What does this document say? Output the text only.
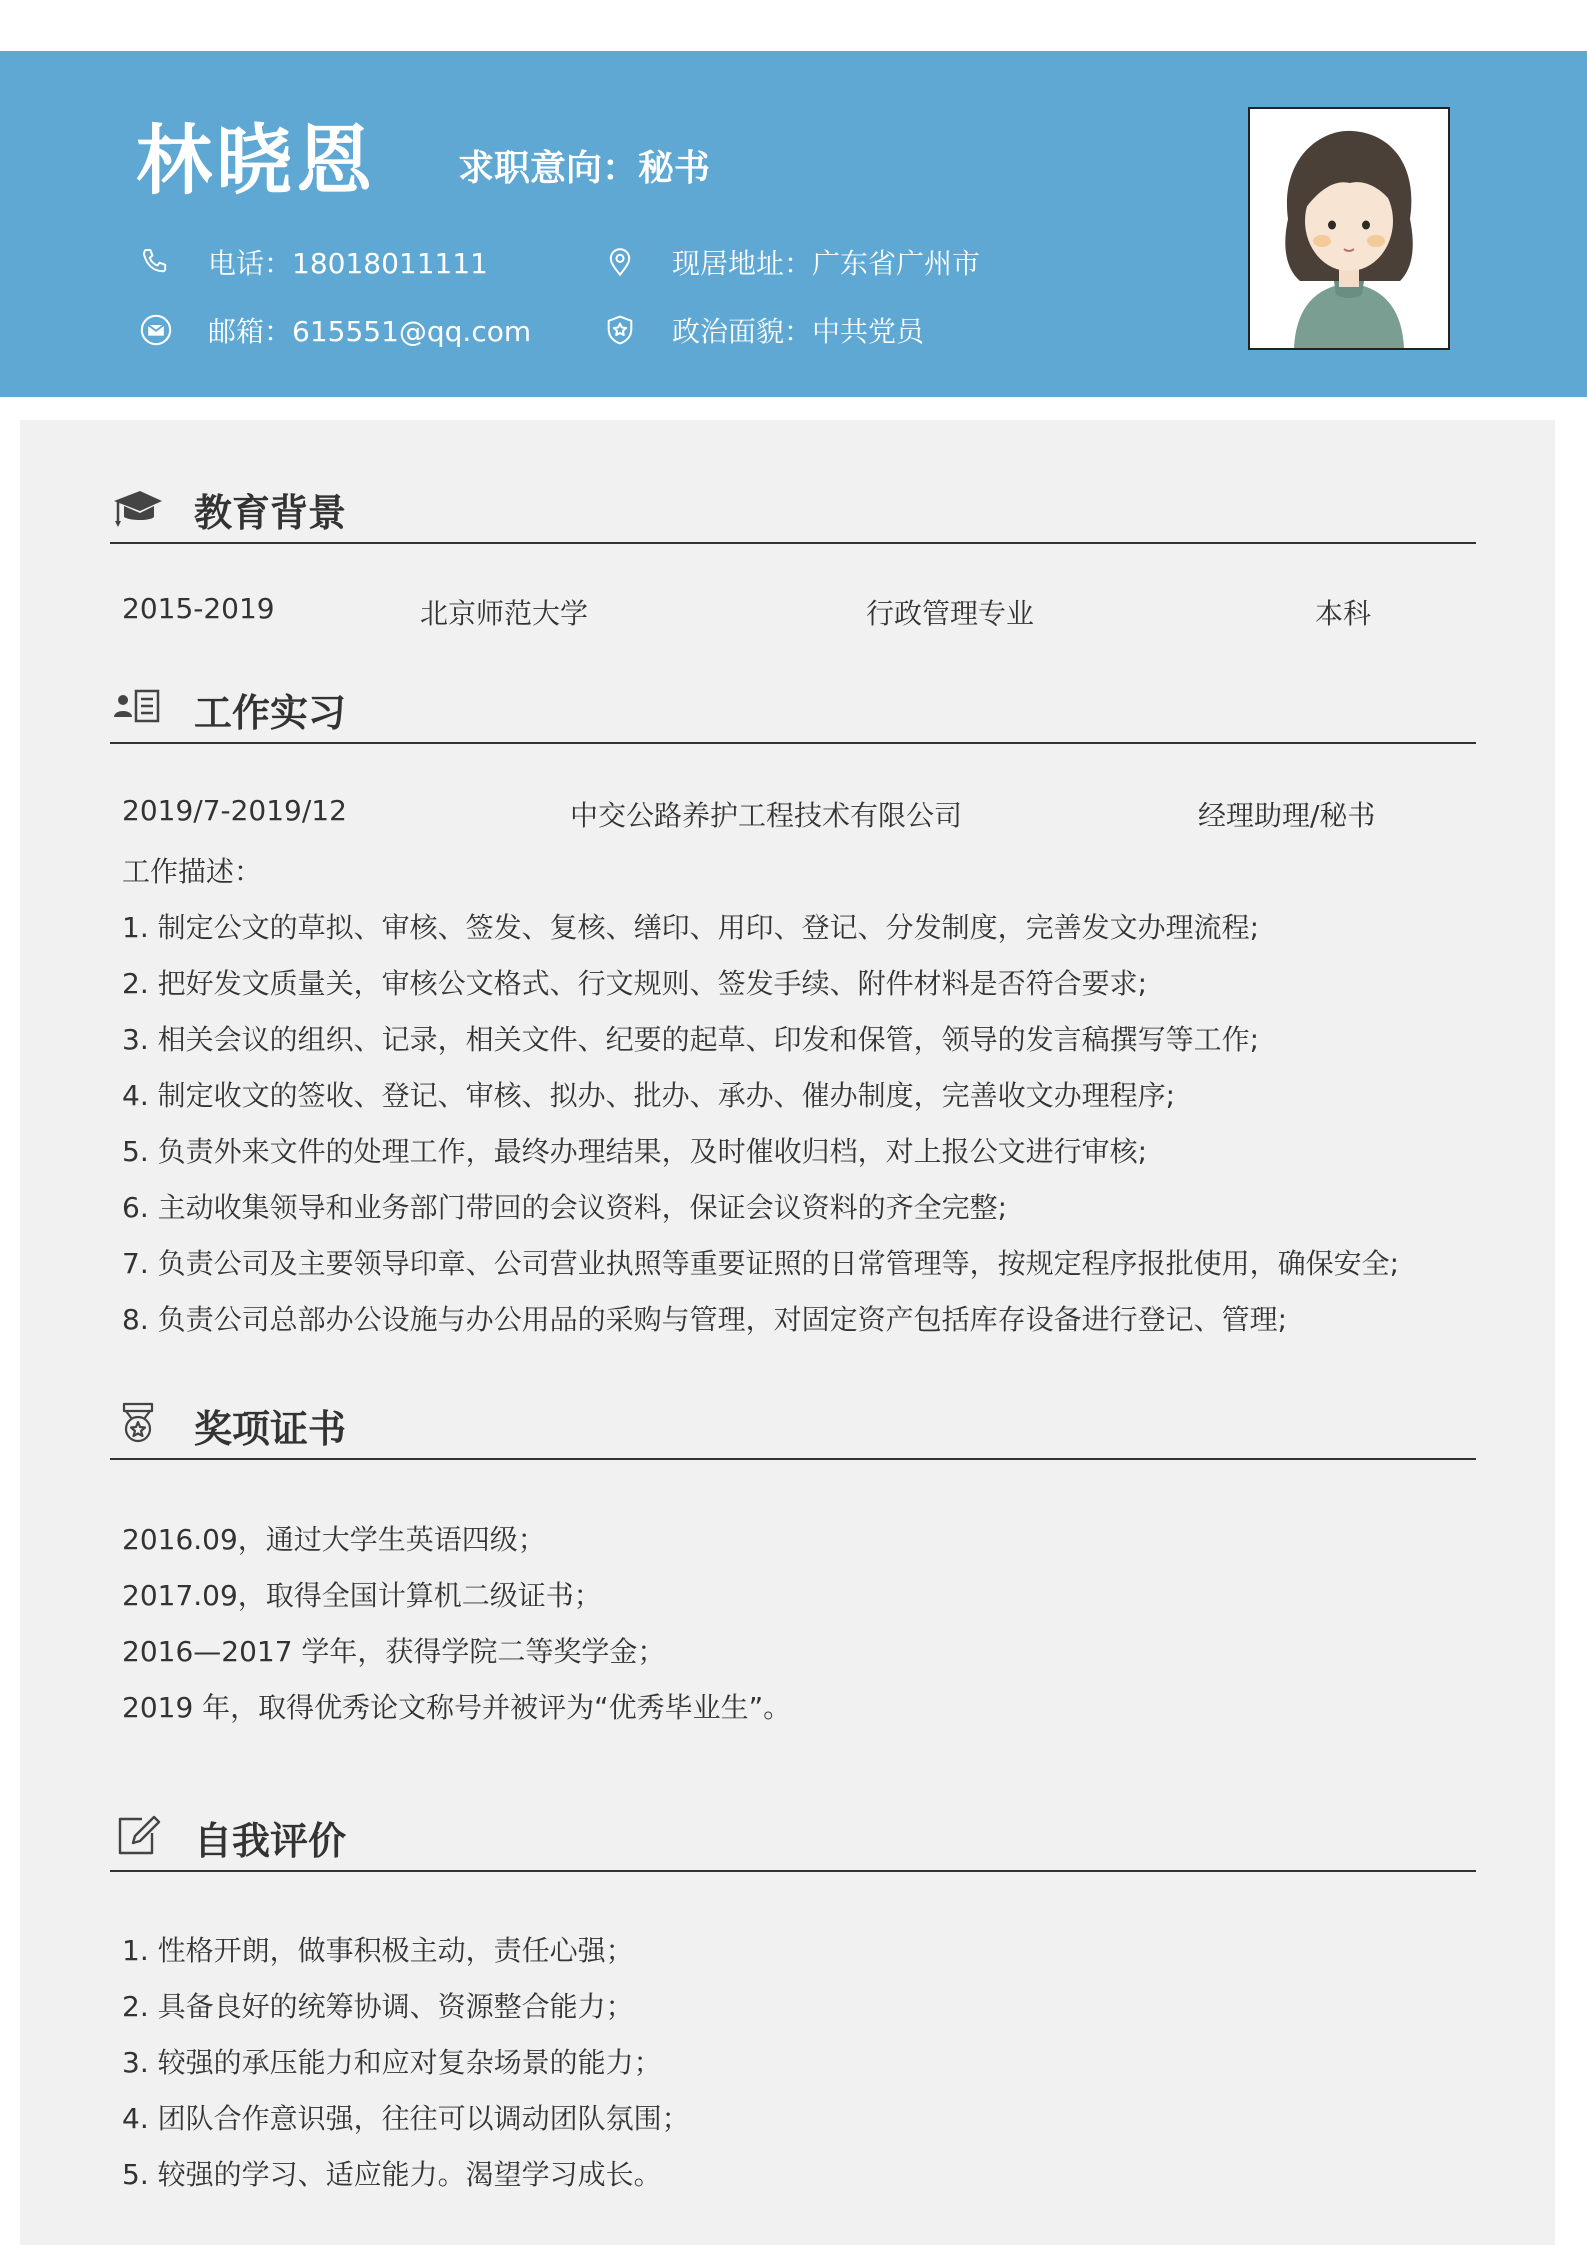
林晓恩 求职意向：秘书
电话：18018011111	现居地址：广东省广州市
邮箱：615551@qq.com	政治面貌：中共党员
教育背景
2015-2019	北京师范大学	行政管理专业	本科
工作实习
2019/7-2019/12	中交公路养护工程技术有限公司	经理助理/秘书
工作描述：
1. 制定公文的草拟、审核、签发、复核、缮印、用印、登记、分发制度，完善发文办理流程;
2. 把好发文质量关，审核公文格式、行文规则、签发手续、附件材料是否符合要求;
3. 相关会议的组织、记录，相关文件、纪要的起草、印发和保管，领导的发言稿撰写等工作;
4. 制定收文的签收、登记、审核、拟办、批办、承办、催办制度，完善收文办理程序;
5. 负责外来文件的处理工作，最终办理结果，及时催收归档，对上报公文进行审核;
6. 主动收集领导和业务部门带回的会议资料，保证会议资料的齐全完整;
7. 负责公司及主要领导印章、公司营业执照等重要证照的日常管理等，按规定程序报批使用，确保安全;
8. 负责公司总部办公设施与办公用品的采购与管理，对固定资产包括库存设备进行登记、管理;
奖项证书
2016.09，通过大学生英语四级；
2017.09，取得全国计算机二级证书；
2016—2017 学年，获得学院二等奖学金；
2019 年，取得优秀论文称号并被评为“优秀毕业生”。
自我评价
1. 性格开朗，做事积极主动，责任心强；
2. 具备良好的统筹协调、资源整合能力；
3. 较强的承压能力和应对复杂场景的能力；
4. 团队合作意识强，往往可以调动团队氛围；
5. 较强的学习、适应能力。渴望学习成长。
